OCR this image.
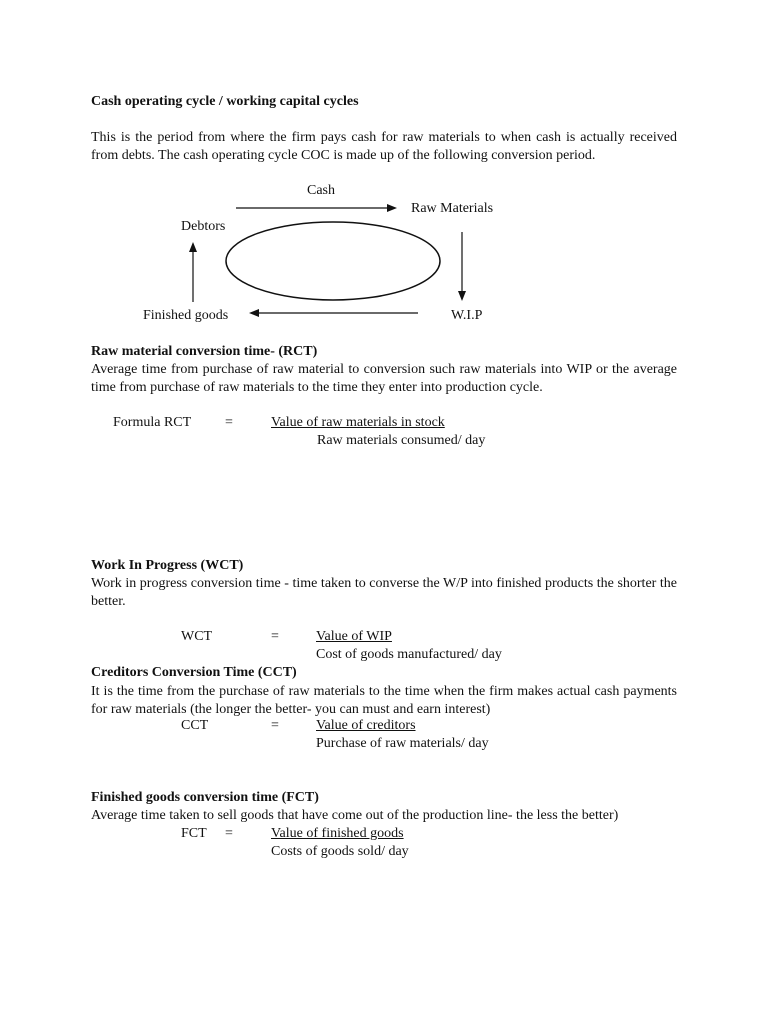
Cash operating cycle / working capital cycles

This is the period from where the firm pays cash for raw materials to when cash is actually received from debts. The cash operating cycle COC is made up of the following conversion period.

Cash
Raw Materials
Debtors
Finished goods	W.I.P
Raw material conversion time- (RCT)

Average time from purchase of raw material to conversion such raw materials into WIP or the average time from purchase of raw materials to the time they enter into production cycle.

Formula RCT =	Value of raw materials in stock
Raw materials consumed/ day
Work In Progress (WCT)

Work in progress conversion time - time taken to converse the W/P into finished products the shorter the better.

WCT	=	Value of WIP
Cost of goods manufactured/ day
Creditors Conversion Time (CCT)

It is the time from the purchase of raw materials to the time when the firm makes actual cash payments for raw materials (the longer the better- you can must and earn interest)

CCT	=	Value of creditors
Purchase of raw materials/ day
Finished goods conversion time (FCT)

Average time taken to sell goods that have come out of the production line- the less the better)

FCT =	Value of finished goods
Costs of goods sold/ day
